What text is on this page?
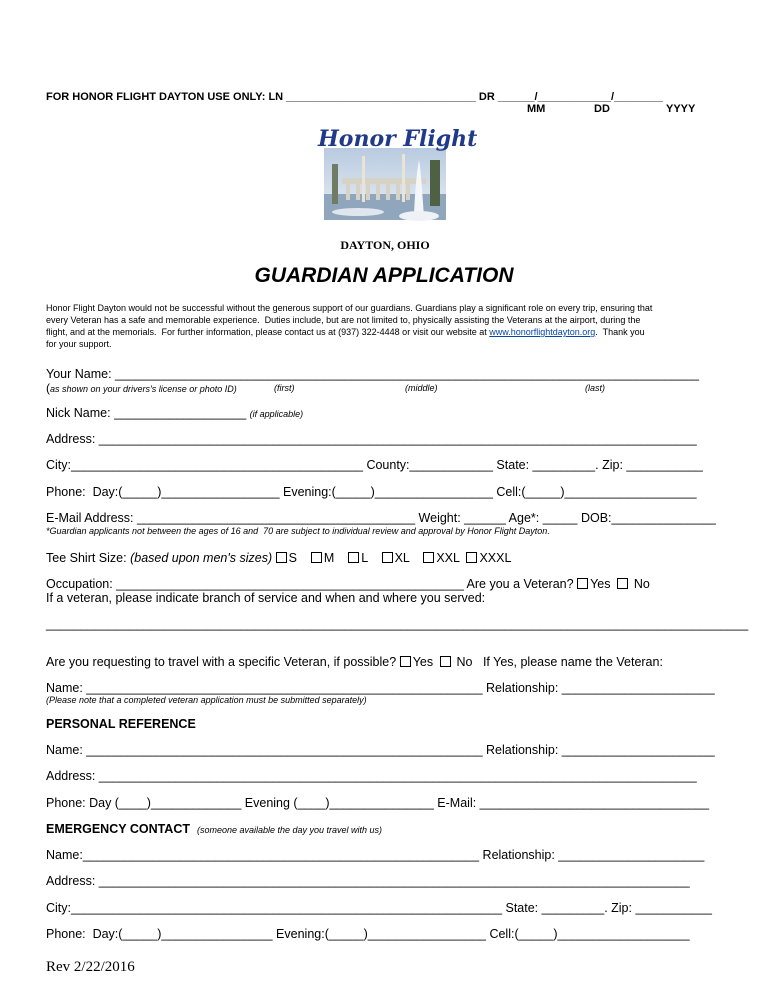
FOR HONOR FLIGHT DAYTON USE ONLY: LN _______________________________ DR ______/____________/________
MM	DD	YYYY
Honor Flight
DAYTON, OHIO
GUARDIAN APPLICATION
Honor Flight Dayton would not be successful without the generous support of our guardians. Guardians play a significant role on every trip, ensuring that
every Veteran has a safe and memorable experience.  Duties include, but are not limited to, physically assisting the Veterans at the airport, during the
flight, and at the memorials.  For further information, please contact us at (937) 322-4448 or visit our website at www.honorflightdayton.org.  Thank you
for your support.
Your Name: ____________________________________________________________________________________
(as shown on your drivers's license or photo ID)	(first)	(middle)	(last)
Nick Name: ___________________ (if applicable)
Address: ______________________________________________________________________________________
City:__________________________________________ County:____________ State: _________. Zip: ___________
Phone:  Day:(_____)_________________ Evening:(_____)_________________ Cell:(_____)___________________
E-Mail Address: ________________________________________ Weight: ______ Age*: _____ DOB:_______________
*Guardian applicants not between the ages of 16 and  70 are subject to individual review and approval by Honor Flight Dayton.
Tee Shirt Size: (based upon men's sizes) S M L XL XXL XXXL
Occupation: __________________________________________________ Are you a Veteran? Yes No
If a veteran, please indicate branch of service and when and where you served:
_____________________________________________________________________________________________________
Are you requesting to travel with a specific Veteran, if possible? Yes No If Yes, please name the Veteran:
Name: _________________________________________________________ Relationship: ______________________
(Please note that a completed veteran application must be submitted separately)
PERSONAL REFERENCE
Name: _________________________________________________________ Relationship: ______________________
Address: ______________________________________________________________________________________
Phone: Day (____)_____________ Evening (____)_______________ E-Mail: _________________________________
EMERGENCY CONTACT (someone available the day you travel with us)
Name:_________________________________________________________ Relationship: _____________________
Address: _____________________________________________________________________________________
City:______________________________________________________________ State: _________. Zip: ___________
Phone:  Day:(_____)________________ Evening:(_____)_________________ Cell:(_____)___________________
Rev 2/22/2016
